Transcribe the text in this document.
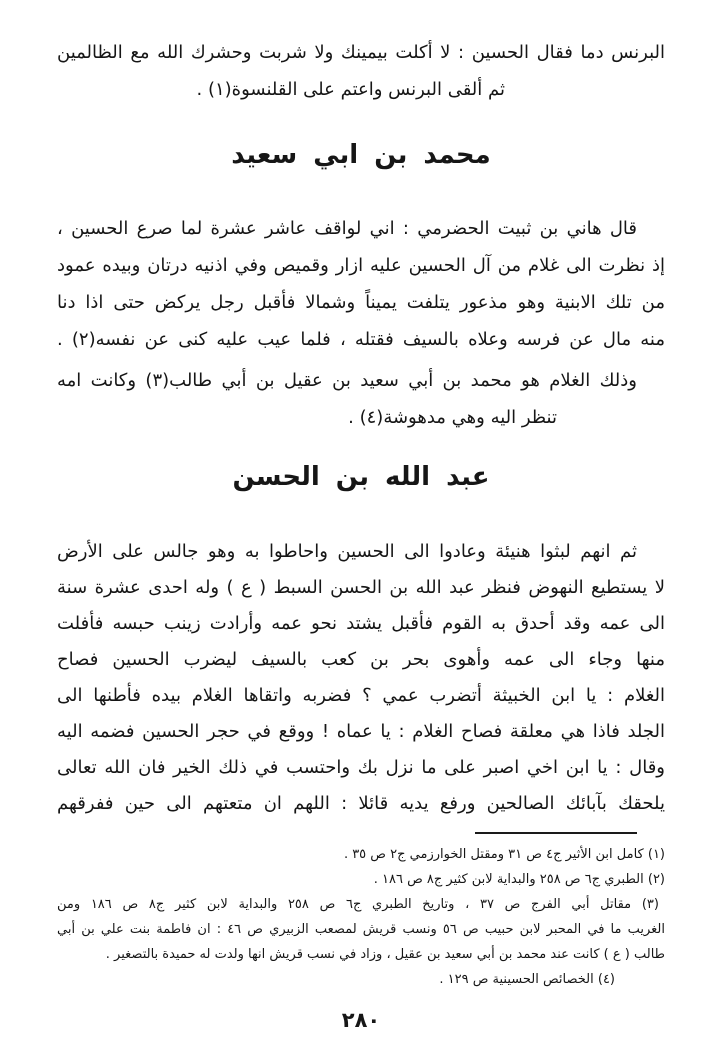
البرنس دما فقال الحسين : لا أكلت بيمينك ولا شربت وحشرك الله مع الظالمين
ثم ألقى البرنس واعتم على القلنسوة(١) .
محمد بن ابي سعيد
قال هاني بن ثبيت الحضرمي : اني لواقف عاشر عشرة لما صرع الحسين ،
إذ نظرت الى غلام من آل الحسين عليه ازار وقميص وفي اذنيه درتان وبيده عمود
من تلك الابنية وهو مذعور يتلفت يميناً وشمالا فأقبل رجل يركض حتى اذا دنا
منه مال عن فرسه وعلاه بالسيف فقتله ، فلما عيب عليه كنى عن نفسه(٢) .
وذلك الغلام هو محمد بن أبي سعيد بن عقيل بن أبي طالب(٣) وكانت امه
تنظر اليه وهي مدهوشة(٤) .
عبد الله بن الحسن
ثم انهم لبثوا هنيئة وعادوا الى الحسين واحاطوا به وهو جالس على الأرض
لا يستطيع النهوض فنظر عبد الله بن الحسن السبط ( ع ) وله احدى عشرة سنة
الى عمه وقد أحدق به القوم فأقبل يشتد نحو عمه وأرادت زينب حبسه فأفلت
منها وجاء الى عمه وأهوى بحر بن كعب بالسيف ليضرب الحسين فصاح
الغلام : يا ابن الخبيثة أتضرب عمي ؟ فضربه واتقاها الغلام بيده فأطنها الى
الجلد فاذا هي معلقة فصاح الغلام : يا عماه ! ووقع في حجر الحسين فضمه اليه
وقال : يا ابن اخي اصبر على ما نزل بك واحتسب في ذلك الخير فان الله تعالى
يلحقك بآبائك الصالحين ورفع يديه قائلا : اللهم ان متعتهم الى حين ففرقهم
(١) كامل ابن الأثير ج٤ ص ٣١ ومقتل الخوارزمي ج٢ ص ٣٥ .
(٢) الطبري ج٦ ص ٢٥٨ والبداية لابن كثير ج٨ ص ١٨٦ .
(٣) مقاتل أبي الفرج ص ٣٧ ، وتاريخ الطبري ج٦ ص ٢٥٨ والبداية لابن كثير ج٨ ص ١٨٦ ومن
الغريب ما في المحبر لابن حبيب ص ٥٦ ونسب قريش لمصعب الزبيري ص ٤٦ : ان فاطمة بنت علي بن أبي
طالب ( ع ) كانت عند محمد بن أبي سعيد بن عقيل ، وزاد في نسب قريش انها ولدت له حميدة بالتصغير .
(٤) الخصائص الحسينية ص ١٢٩ .
٢٨٠
